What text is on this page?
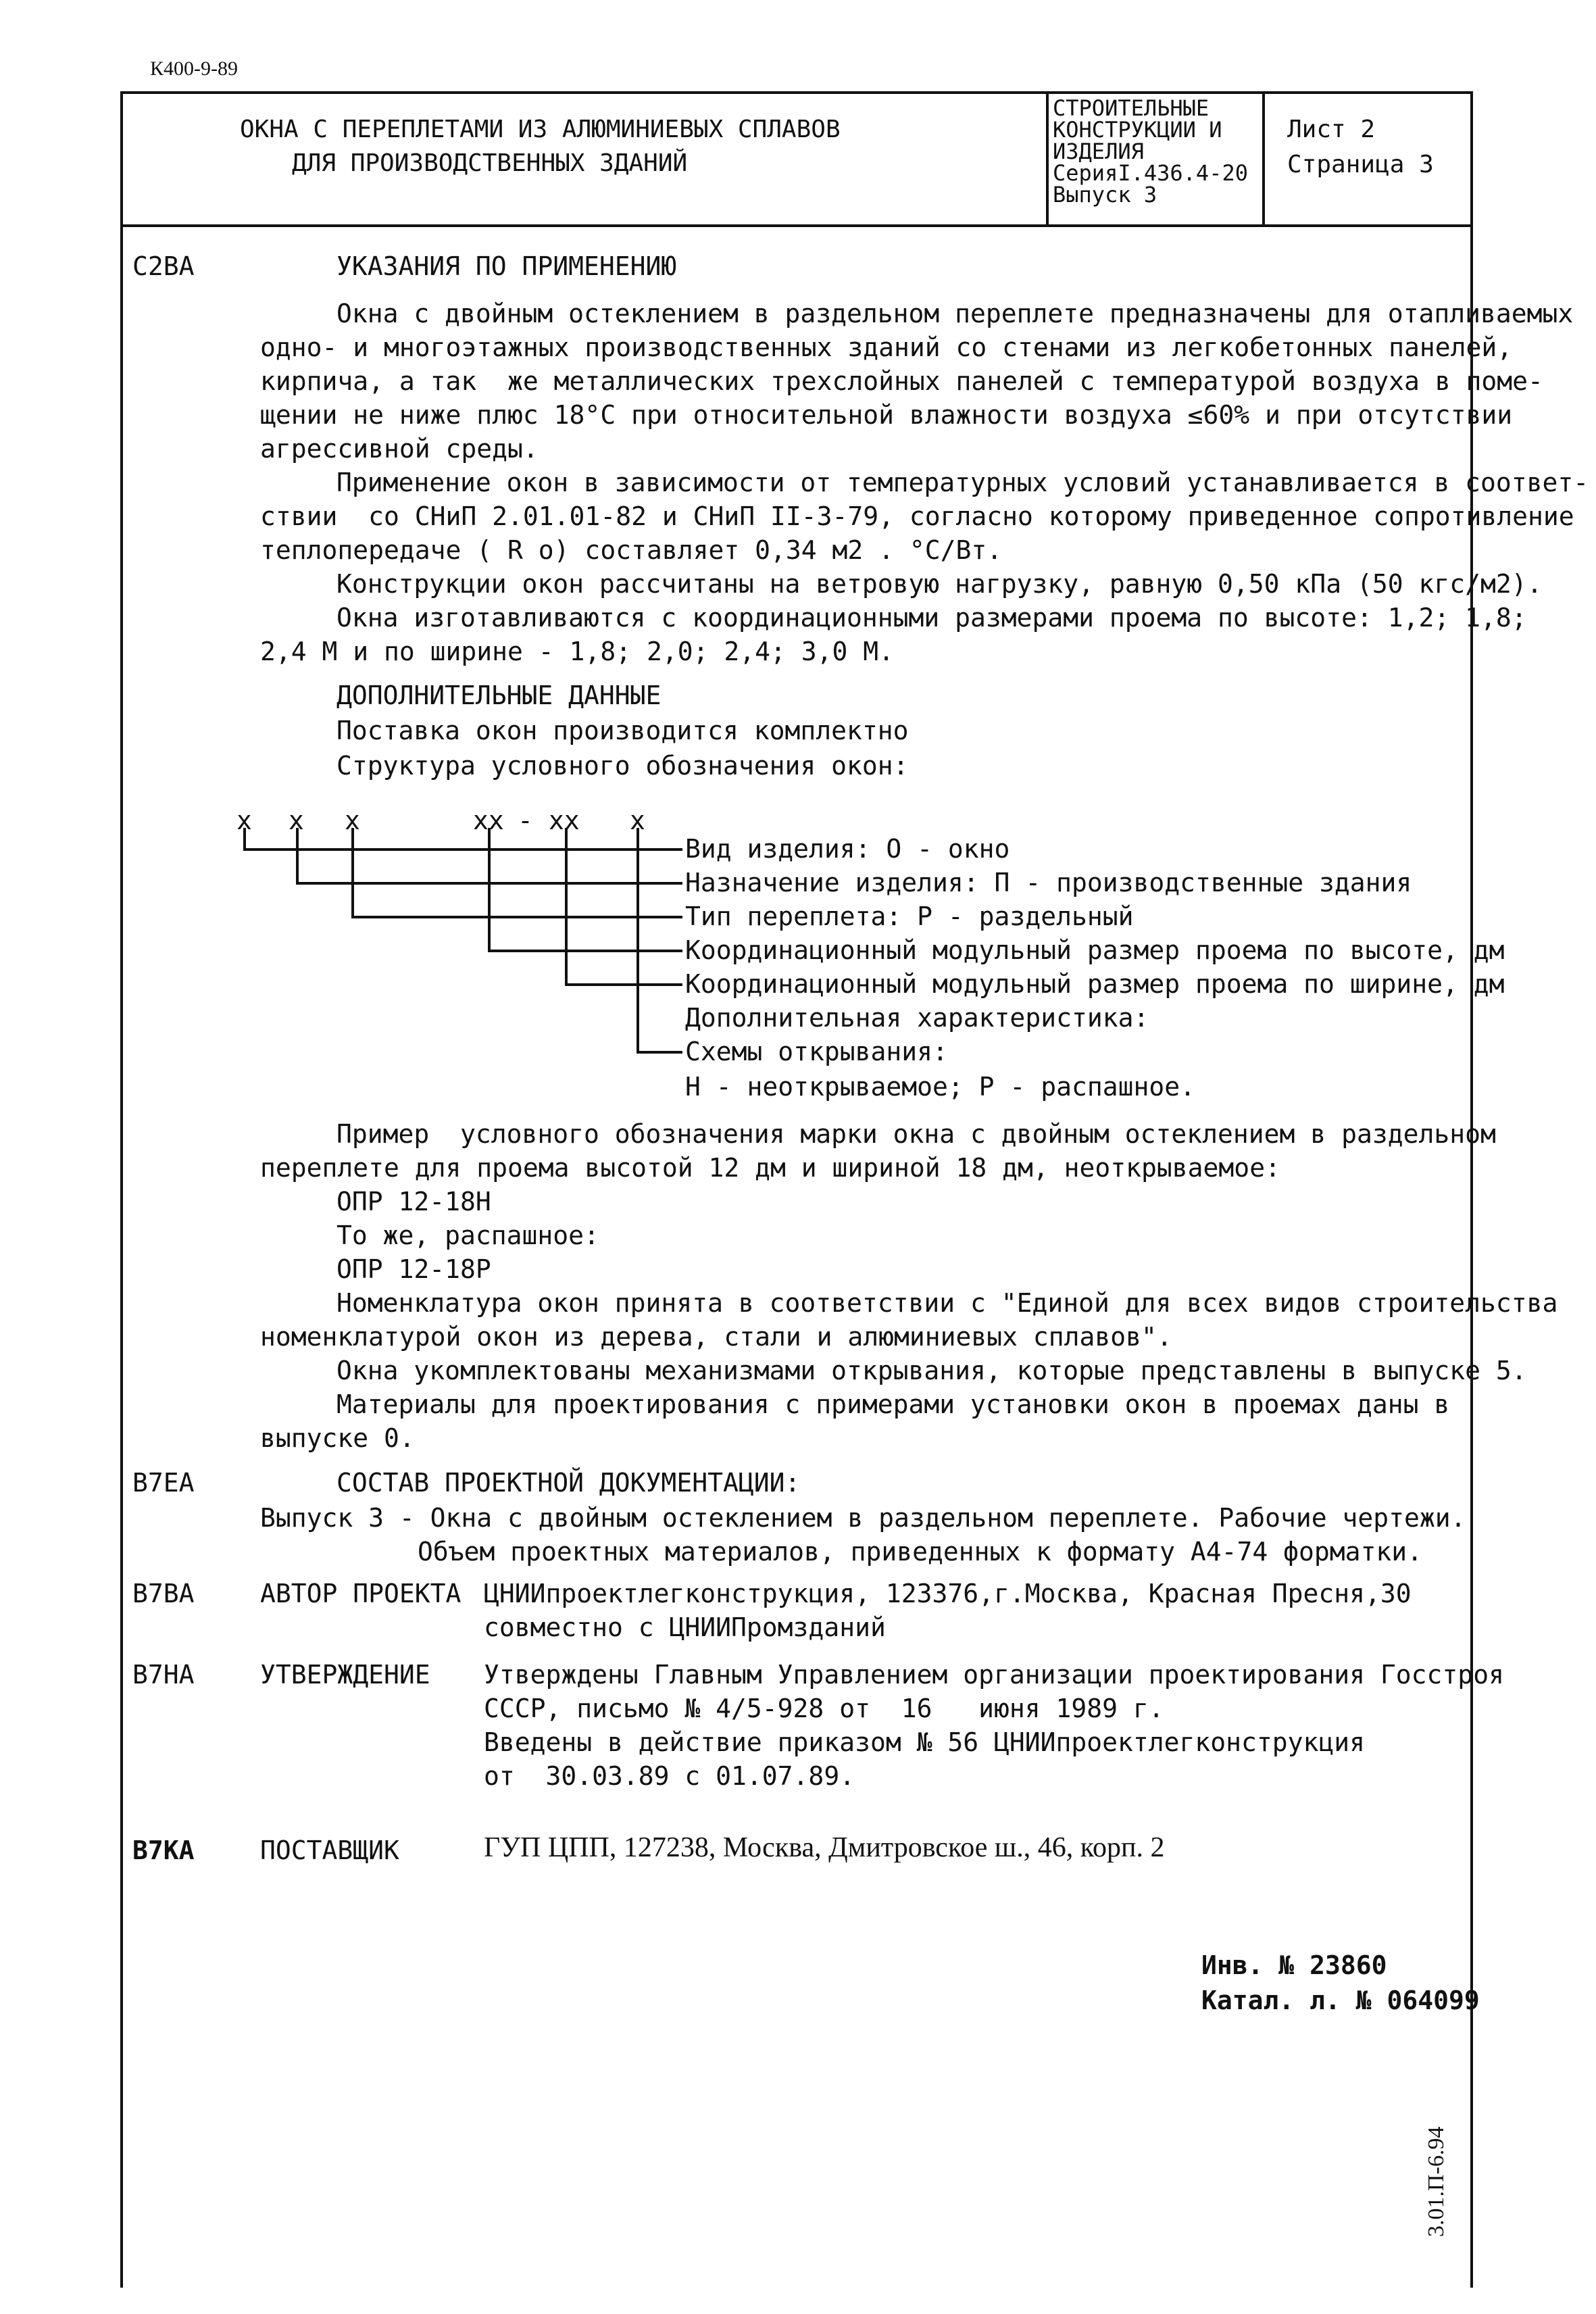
К400-9-89
ОКНА С ПЕРЕПЛЕТАМИ ИЗ АЛЮМИНИЕВЫХ СПЛАВОВ
ДЛЯ ПРОИЗВОДСТВЕННЫХ ЗДАНИЙ
СТРОИТЕЛЬНЫЕ
КОНСТРУКЦИИ И
ИЗДЕЛИЯ
СерияI.436.4-20
Выпуск 3
Лист 2
Страница 3
С2ВА	УКАЗАНИЯ ПО ПРИМЕНЕНИЮ
Окна с двойным остеклением в раздельном переплете предназначены для отапливаемых
одно- и многоэтажных производственных зданий со стенами из легкобетонных панелей,
кирпича, а так  же металлических трехслойных панелей с температурой воздуха в поме-
щении не ниже плюс 18°С при относительной влажности воздуха ≤60% и при отсутствии
агрессивной среды.
Применение окон в зависимости от температурных условий устанавливается в соответ-
ствии  со СНиП 2.01.01-82 и СНиП II-3-79, согласно которому приведенное сопротивление
теплопередаче ( R о) составляет 0,34 м2 . °С/Вт.
Конструкции окон рассчитаны на ветровую нагрузку, равную 0,50 кПа (50 кгс/м2).
Окна изготавливаются с координационными размерами проема по высоте: 1,2; 1,8;
2,4 М и по ширине - 1,8; 2,0; 2,4; 3,0 М.
ДОПОЛНИТЕЛЬНЫЕ ДАННЫЕ
Поставка окон производится комплектно
Структура условного обозначения окон:
x x x	xx - xx x
Вид изделия: О - окно
Назначение изделия: П - производственные здания
Тип переплета: Р - раздельный
Координационный модульный размер проема по высоте, дм
Координационный модульный размер проема по ширине, дм
Дополнительная характеристика:
Схемы открывания:
Н - неоткрываемое; Р - распашное.
Пример  условного обозначения марки окна с двойным остеклением в раздельном
переплете для проема высотой 12 дм и шириной 18 дм, неоткрываемое:
ОПР 12-18Н
То же, распашное:
ОПР 12-18Р
Номенклатура окон принята в соответствии с "Единой для всех видов строительства
номенклатурой окон из дерева, стали и алюминиевых сплавов".
Окна укомплектованы механизмами открывания, которые представлены в выпуске 5.
Материалы для проектирования с примерами установки окон в проемах даны в
выпуске 0.
В7ЕА	СОСТАВ ПРОЕКТНОЙ ДОКУМЕНТАЦИИ:
Выпуск 3 - Окна с двойным остеклением в раздельном переплете. Рабочие чертежи.
Объем проектных материалов, приведенных к формату А4-74 форматки.
В7ВА	АВТОР ПРОЕКТА ЦНИИпроектлегконструкция, 123376,г.Москва, Красная Пресня,30
совместно с ЦНИИПромзданий
В7НА	УТВЕРЖДЕНИЕ Утверждены Главным Управлением организации проектирования Госстроя
СССР, письмо № 4/5-928 от  16   июня 1989 г.
Введены в действие приказом № 56 ЦНИИпроектлегконструкция
от  30.03.89 с 01.07.89.
В7КА	ПОСТАВЩИК	ГУП ЦПП, 127238, Москва, Дмитровское ш., 46, корп. 2
Инв. № 23860
Катал. л. № 064099
3.01.П-6.94
